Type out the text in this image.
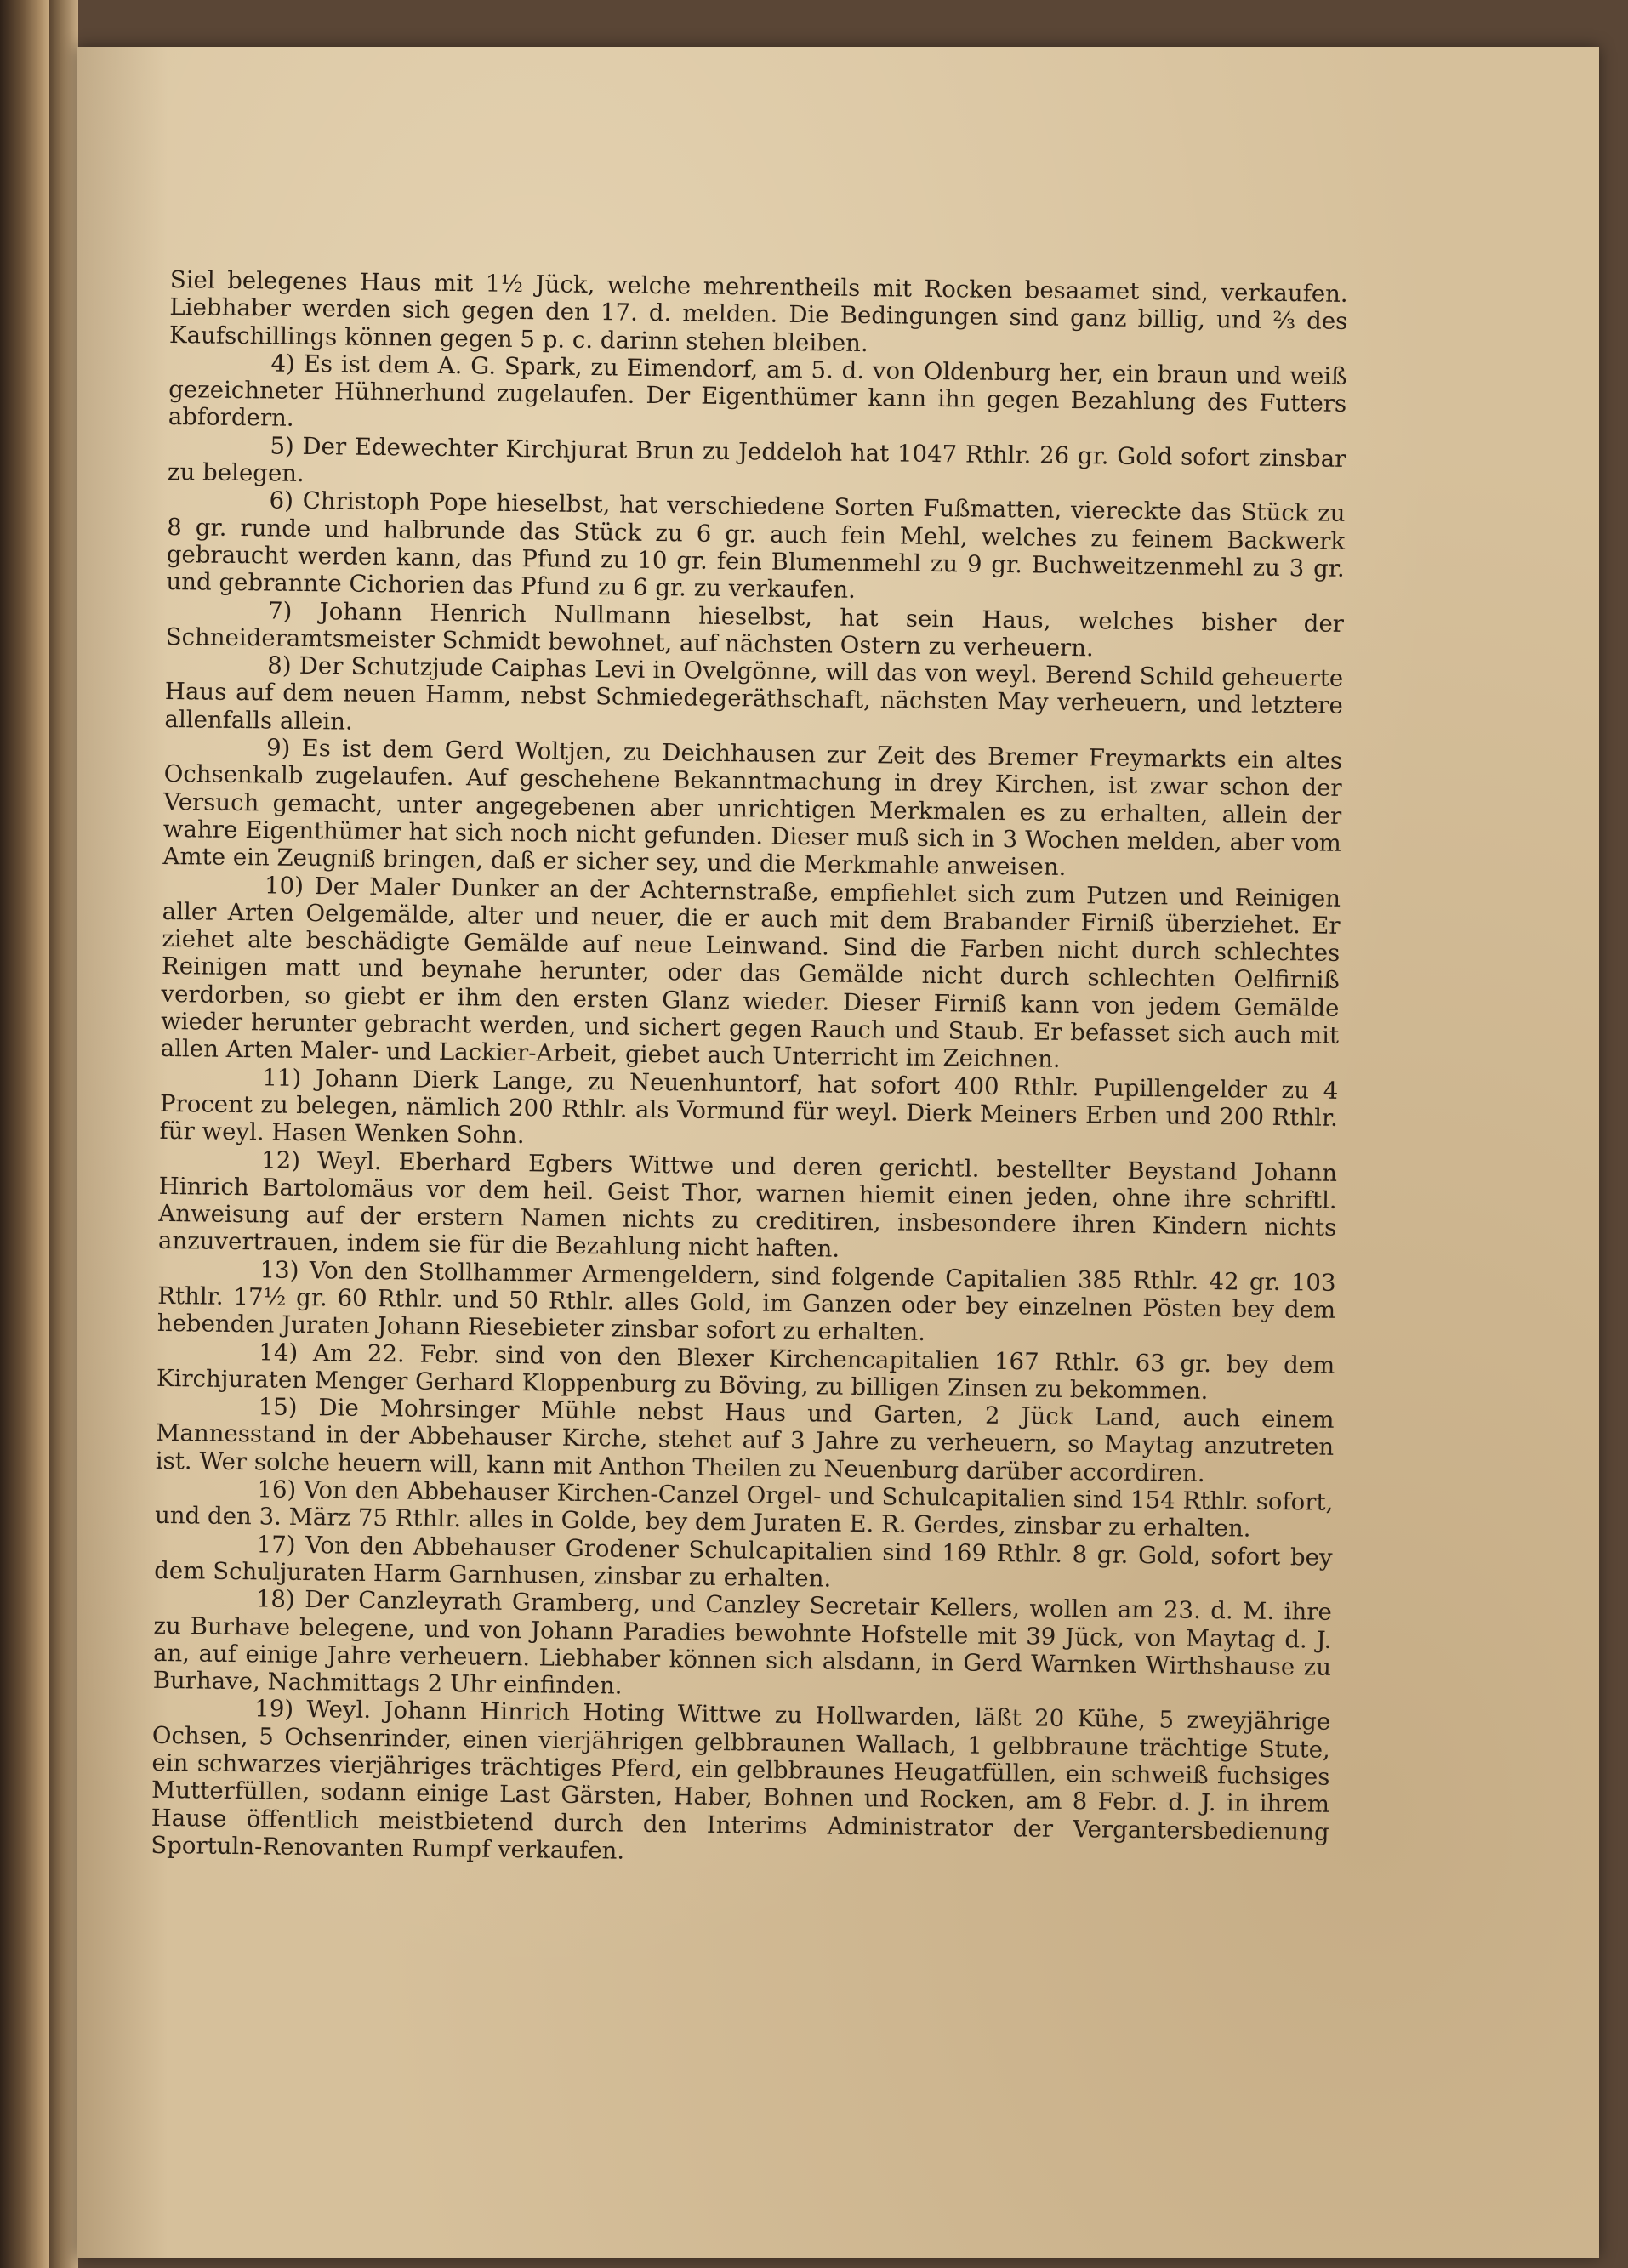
Siel belegenes Haus mit 1½ Jück, welche mehrentheils mit Rocken besaamet sind, verkaufen. Liebhaber werden sich gegen den 17. d. melden. Die Bedingungen sind ganz billig, und ⅔ des Kaufschillings können gegen 5 p. c. darinn stehen bleiben.

4) Es ist dem A. G. Spark, zu Eimendorf, am 5. d. von Oldenburg her, ein braun und weiß gezeichneter Hühnerhund zugelaufen. Der Eigenthümer kann ihn gegen Bezahlung des Futters abfordern.

5) Der Edewechter Kirchjurat Brun zu Jeddeloh hat 1047 Rthlr. 26 gr. Gold sofort zinsbar zu belegen.

6) Christoph Pope hieselbst, hat verschiedene Sorten Fußmatten, viereckte das Stück zu 8 gr. runde und halbrunde das Stück zu 6 gr. auch fein Mehl, welches zu feinem Backwerk gebraucht werden kann, das Pfund zu 10 gr. fein Blumenmehl zu 9 gr. Buchweitzenmehl zu 3 gr. und gebrannte Cichorien das Pfund zu 6 gr. zu verkaufen.

7) Johann Henrich Nullmann hieselbst, hat sein Haus, welches bisher der Schneideramtsmeister Schmidt bewohnet, auf nächsten Ostern zu verheuern.

8) Der Schutzjude Caiphas Levi in Ovelgönne, will das von weyl. Berend Schild geheuerte Haus auf dem neuen Hamm, nebst Schmiedegeräthschaft, nächsten May verheuern, und letztere allenfalls allein.

9) Es ist dem Gerd Woltjen, zu Deichhausen zur Zeit des Bremer Freymarkts ein altes Ochsenkalb zugelaufen. Auf geschehene Bekanntmachung in drey Kirchen, ist zwar schon der Versuch gemacht, unter angegebenen aber unrichtigen Merkmalen es zu erhalten, allein der wahre Eigenthümer hat sich noch nicht gefunden. Dieser muß sich in 3 Wochen melden, aber vom Amte ein Zeugniß bringen, daß er sicher sey, und die Merkmahle anweisen.

10) Der Maler Dunker an der Achternstraße, empfiehlet sich zum Putzen und Reinigen aller Arten Oelgemälde, alter und neuer, die er auch mit dem Brabander Firniß überziehet. Er ziehet alte beschädigte Gemälde auf neue Leinwand. Sind die Farben nicht durch schlechtes Reinigen matt und beynahe herunter, oder das Gemälde nicht durch schlechten Oelfirniß verdorben, so giebt er ihm den ersten Glanz wieder. Dieser Firniß kann von jedem Gemälde wieder herunter gebracht werden, und sichert gegen Rauch und Staub. Er befasset sich auch mit allen Arten Maler- und Lackier-Arbeit, giebet auch Unterricht im Zeichnen.

11) Johann Dierk Lange, zu Neuenhuntorf, hat sofort 400 Rthlr. Pupillengelder zu 4 Procent zu belegen, nämlich 200 Rthlr. als Vormund für weyl. Dierk Meiners Erben und 200 Rthlr. für weyl. Hasen Wenken Sohn.

12) Weyl. Eberhard Egbers Wittwe und deren gerichtl. bestellter Beystand Johann Hinrich Bartolomäus vor dem heil. Geist Thor, warnen hiemit einen jeden, ohne ihre schriftl. Anweisung auf der erstern Namen nichts zu creditiren, insbesondere ihren Kindern nichts anzuvertrauen, indem sie für die Bezahlung nicht haften.

13) Von den Stollhammer Armengeldern, sind folgende Capitalien 385 Rthlr. 42 gr. 103 Rthlr. 17½ gr. 60 Rthlr. und 50 Rthlr. alles Gold, im Ganzen oder bey einzelnen Pösten bey dem hebenden Juraten Johann Riesebieter zinsbar sofort zu erhalten.

14) Am 22. Febr. sind von den Blexer Kirchencapitalien 167 Rthlr. 63 gr. bey dem Kirchjuraten Menger Gerhard Kloppenburg zu Böving, zu billigen Zinsen zu bekommen.

15) Die Mohrsinger Mühle nebst Haus und Garten, 2 Jück Land, auch einem Mannesstand in der Abbehauser Kirche, stehet auf 3 Jahre zu verheuern, so Maytag anzutreten ist. Wer solche heuern will, kann mit Anthon Theilen zu Neuenburg darüber accordiren.

16) Von den Abbehauser Kirchen-Canzel Orgel- und Schulcapitalien sind 154 Rthlr. sofort, und den 3. März 75 Rthlr. alles in Golde, bey dem Juraten E. R. Gerdes, zinsbar zu erhalten.

17) Von den Abbehauser Grodener Schulcapitalien sind 169 Rthlr. 8 gr. Gold, sofort bey dem Schuljuraten Harm Garnhusen, zinsbar zu erhalten.

18) Der Canzleyrath Gramberg, und Canzley Secretair Kellers, wollen am 23. d. M. ihre zu Burhave belegene, und von Johann Paradies bewohnte Hofstelle mit 39 Jück, von Maytag d. J. an, auf einige Jahre verheuern. Liebhaber können sich alsdann, in Gerd Warnken Wirthshause zu Burhave, Nachmittags 2 Uhr einfinden.

19) Weyl. Johann Hinrich Hoting Wittwe zu Hollwarden, läßt 20 Kühe, 5 zweyjährige Ochsen, 5 Ochsenrinder, einen vierjährigen gelbbraunen Wallach, 1 gelbbraune trächtige Stute, ein schwarzes vierjähriges trächtiges Pferd, ein gelbbraunes Heugatfüllen, ein schweiß fuchsiges Mutterfüllen, sodann einige Last Gärsten, Haber, Bohnen und Rocken, am 8 Febr. d. J. in ihrem Hause öffentlich meistbietend durch den Interims Administrator der Vergantersbedienung Sportuln-Renovanten Rumpf verkaufen.
